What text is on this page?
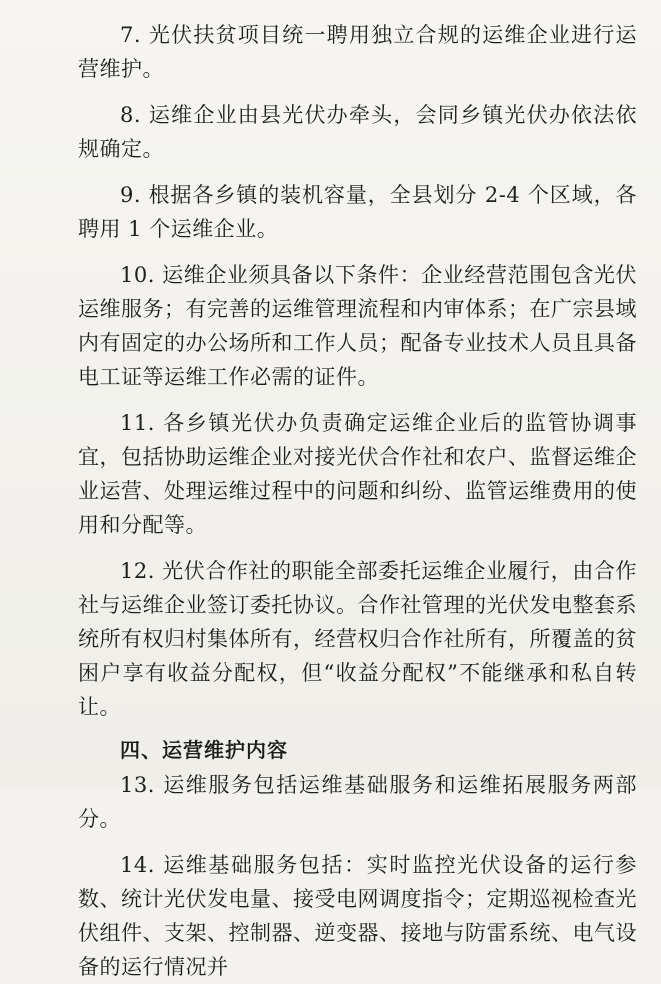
7. 光伏扶贫项目统一聘用独立合规的运维企业进行运营维护。

8. 运维企业由县光伏办牵头，会同乡镇光伏办依法依规确定。

9. 根据各乡镇的装机容量，全县划分 2-4 个区域，各聘用 1 个运维企业。

10. 运维企业须具备以下条件：企业经营范围包含光伏运维服务；有完善的运维管理流程和内审体系；在广宗县域内有固定的办公场所和工作人员；配备专业技术人员且具备电工证等运维工作必需的证件。

11. 各乡镇光伏办负责确定运维企业后的监管协调事宜，包括协助运维企业对接光伏合作社和农户、监督运维企业运营、处理运维过程中的问题和纠纷、监管运维费用的使用和分配等。

12. 光伏合作社的职能全部委托运维企业履行，由合作社与运维企业签订委托协议。合作社管理的光伏发电整套系统所有权归村集体所有，经营权归合作社所有，所覆盖的贫困户享有收益分配权，但“收益分配权”不能继承和私自转让。

四、运营维护内容

13. 运维服务包括运维基础服务和运维拓展服务两部分。

14. 运维基础服务包括：实时监控光伏设备的运行参数、统计光伏发电量、接受电网调度指令；定期巡视检查光伏组件、支架、控制器、逆变器、接地与防雷系统、电气设备的运行情况并
